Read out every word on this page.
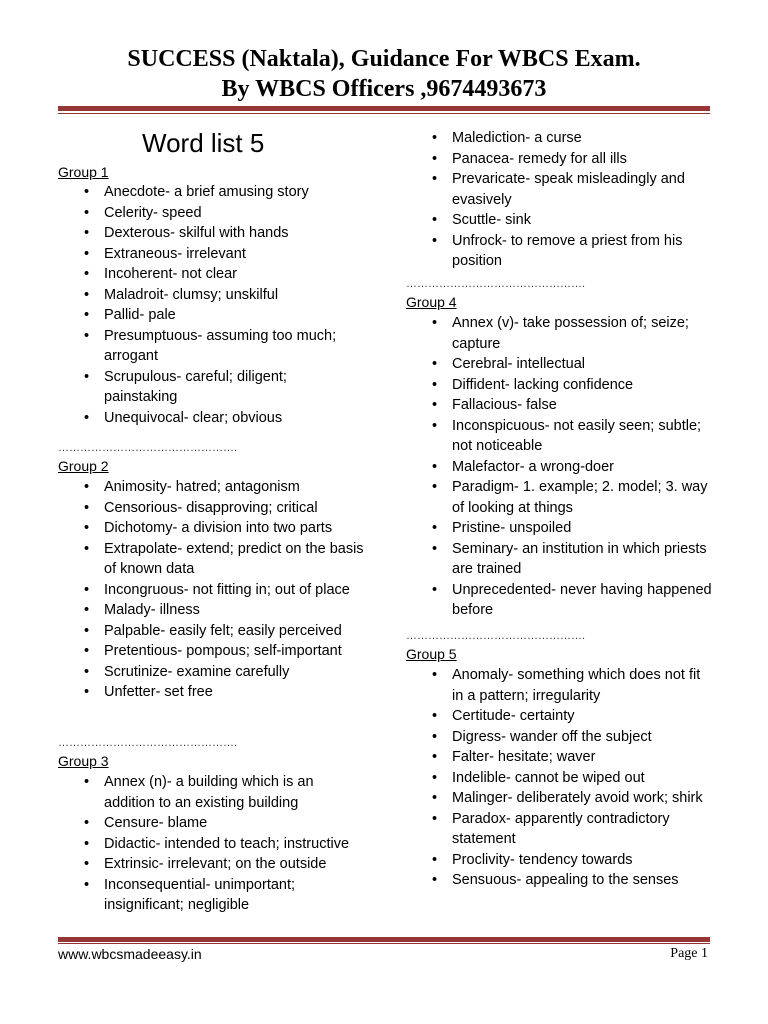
SUCCESS (Naktala), Guidance For WBCS Exam.
By WBCS Officers ,9674493673
Word list 5
Group 1
• Anecdote- a brief amusing story
• Celerity- speed
• Dexterous- skilful with hands
• Extraneous- irrelevant
• Incoherent- not clear
• Maladroit- clumsy; unskilful
• Pallid- pale
• Presumptuous- assuming too much; arrogant
• Scrupulous- careful; diligent; painstaking
• Unequivocal- clear; obvious
………………………………………….
Group 2
• Animosity- hatred; antagonism
• Censorious- disapproving; critical
• Dichotomy- a division into two parts
• Extrapolate- extend; predict on the basis of known data
• Incongruous- not fitting in; out of place
• Malady- illness
• Palpable- easily felt; easily perceived
• Pretentious- pompous; self-important
• Scrutinize- examine carefully
• Unfetter- set free
………………………………………….
Group 3
• Annex (n)- a building which is an addition to an existing building
• Censure- blame
• Didactic- intended to teach; instructive
• Extrinsic- irrelevant; on the outside
• Inconsequential- unimportant; insignificant; negligible
• Malediction- a curse
• Panacea- remedy for all ills
• Prevaricate- speak misleadingly and evasively
• Scuttle- sink
• Unfrock- to remove a priest from his position
………………………………………….
Group 4
• Annex (v)- take possession of; seize; capture
• Cerebral- intellectual
• Diffident- lacking confidence
• Fallacious- false
• Inconspicuous- not easily seen; subtle; not noticeable
• Malefactor- a wrong-doer
• Paradigm- 1. example; 2. model; 3. way of looking at things
• Pristine- unspoiled
• Seminary- an institution in which priests are trained
• Unprecedented- never having happened before
………………………………………….
Group 5
• Anomaly- something which does not fit in a pattern; irregularity
• Certitude- certainty
• Digress- wander off the subject
• Falter- hesitate; waver
• Indelible- cannot be wiped out
• Malinger- deliberately avoid work; shirk
• Paradox- apparently contradictory statement
• Proclivity- tendency towards
• Sensuous- appealing to the senses
www.wbcsmadeeasy.in	Page 1
